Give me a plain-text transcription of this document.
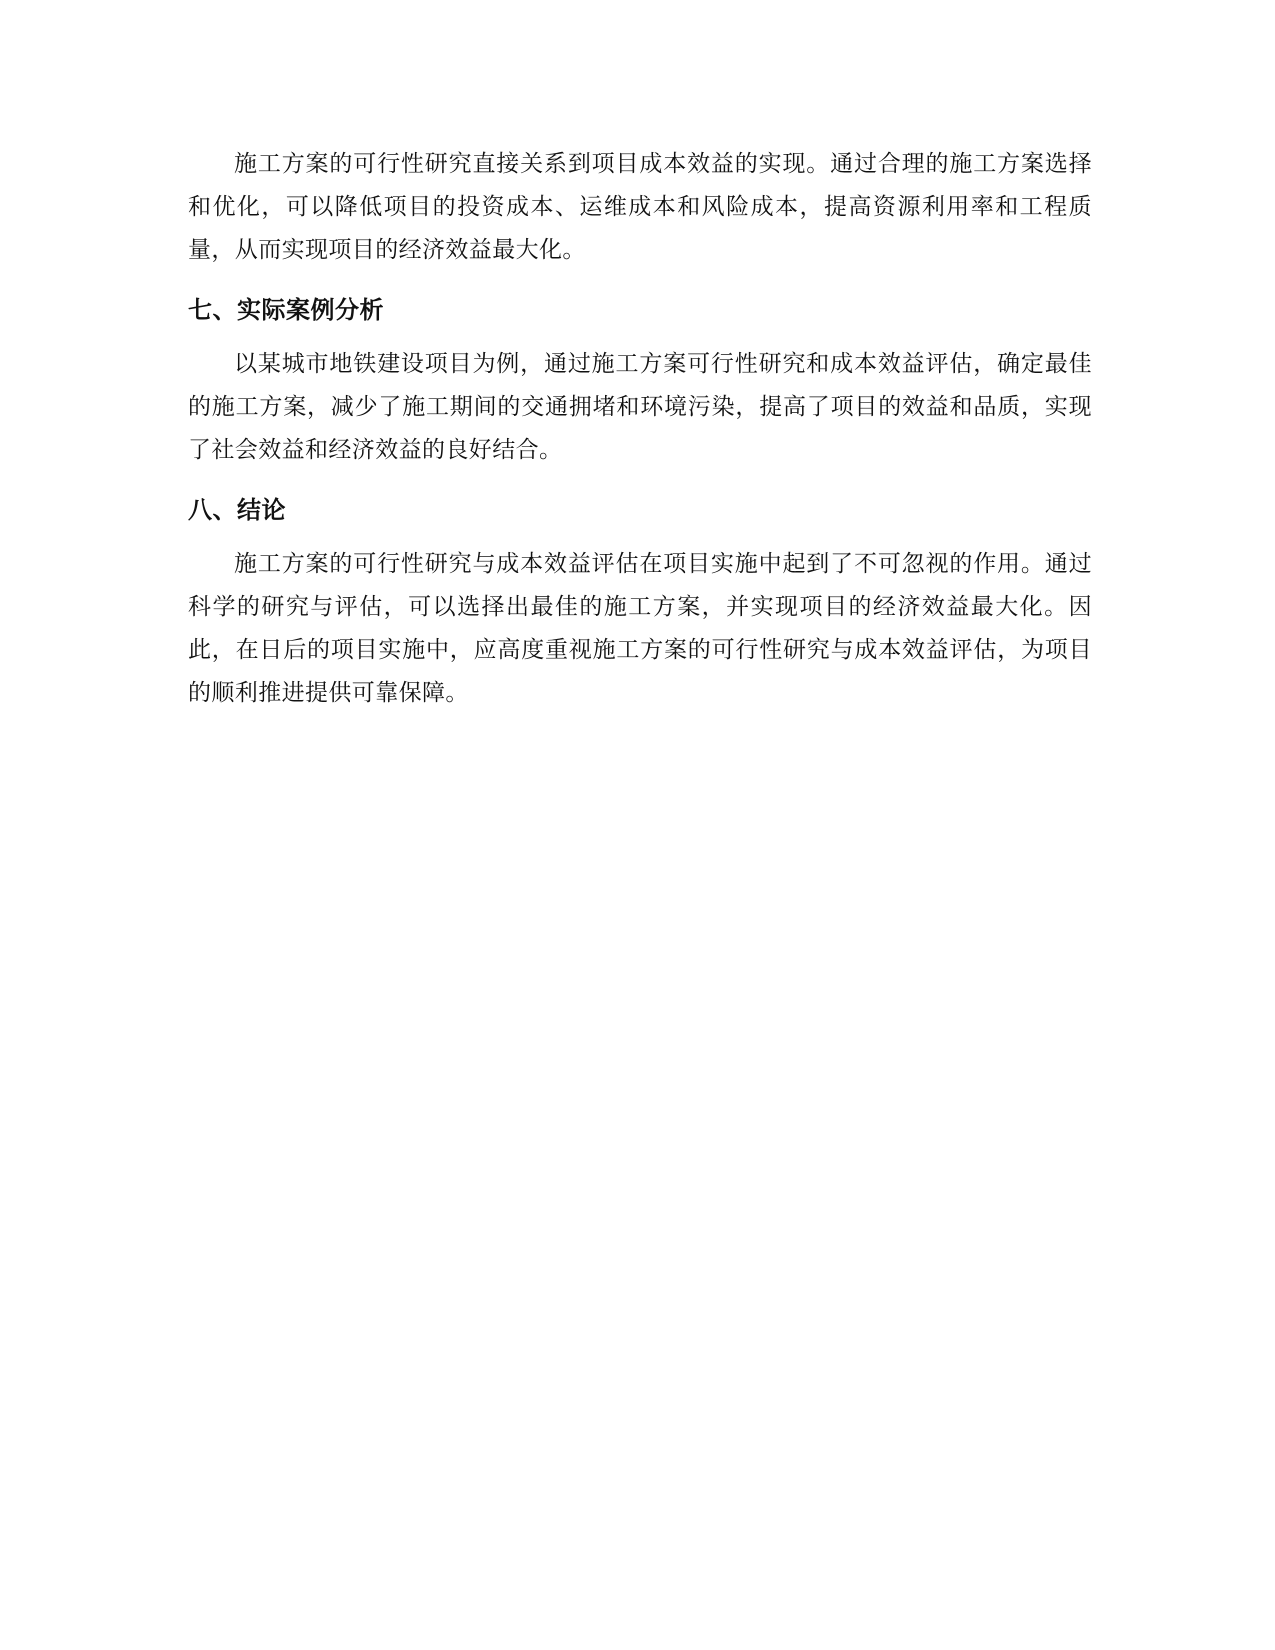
施工方案的可行性研究直接关系到项目成本效益的实现。通过合理的施工方案选择和优化，可以降低项目的投资成本、运维成本和风险成本，提高资源利用率和工程质量，从而实现项目的经济效益最大化。

七、实际案例分析

以某城市地铁建设项目为例，通过施工方案可行性研究和成本效益评估，确定最佳的施工方案，减少了施工期间的交通拥堵和环境污染，提高了项目的效益和品质，实现了社会效益和经济效益的良好结合。

八、结论

施工方案的可行性研究与成本效益评估在项目实施中起到了不可忽视的作用。通过科学的研究与评估，可以选择出最佳的施工方案，并实现项目的经济效益最大化。因此，在日后的项目实施中，应高度重视施工方案的可行性研究与成本效益评估，为项目的顺利推进提供可靠保障。
